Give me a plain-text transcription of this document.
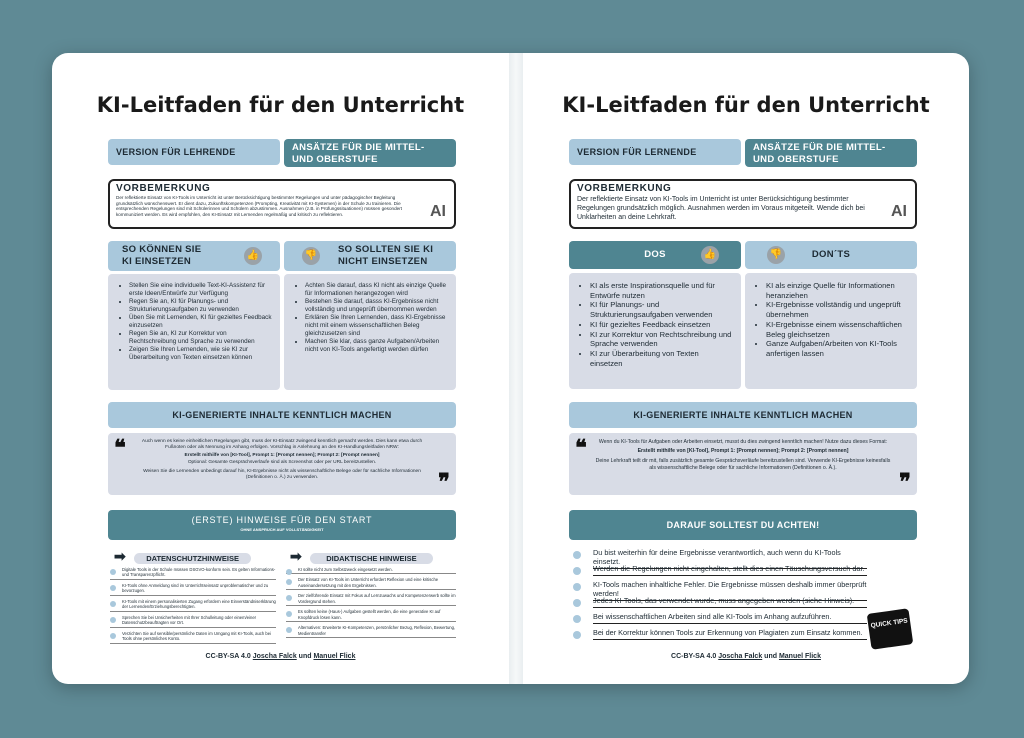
KI-Leitfaden für den Unterricht
VERSION FÜR LEHRENDE	ANSÄTZE FÜR DIE MITTEL- UND OBERSTUFE
VORBEMERKUNG

Der reflektierte Einsatz von KI-Tools im Unterricht ist unter Berücksichtigung bestimmter Regelungen und unter pädagogischer Begleitung grundsätzlich wünschenswert. Er dient dazu, Zukunftskompetenzen (Prompting, Kreativität mit KI-Systemen) in der Schule zu trainieren. Die entsprechenden Regelungen sind mit Schülerinnen und Schülern abzustimmen. Ausnahmen (z.B. in Prüfungssituationen) müssen gesondert kommuniziert werden. Es wird empfohlen, den KI-Einsatz mit Lernenden regelmäßig und kritisch zu reflektieren.	AI
SO KÖNNEN SIE KI EINSETZEN
👍	👎
SO SOLLTEN SIE KI NICHT EINSETZEN
• Stellen Sie eine individuelle Text-KI-Assistenz für erste Ideen/Entwürfe zur Verfügung
• Regen Sie an, KI für Planungs- und Strukturierungsaufgaben zu verwenden
• Üben Sie mit Lernenden, KI für gezieltes Feedback einzusetzen
• Regen Sie an, KI zur Korrektur von Rechtschreibung und Sprache zu verwenden
• Zeigen Sie Ihren Lernenden, wie sie KI zur Überarbeitung von Texten einsetzen können
• Achten Sie darauf, dass KI nicht als einzige Quelle für Informationen herangezogen wird
• Bestehen Sie darauf, dasss KI-Ergebnisse nicht vollständig und ungeprüft übernommen werden
• Erklären Sie Ihren Lernenden, dass KI-Ergebnisse nicht mit einem wissenschaftlichen Beleg gleichzusetzen sind
• Machen Sie klar, dass ganze Aufgaben/Arbeiten nicht von KI-Tools angefertigt werden dürfen
KI-GENERIERTE INHALTE KENNTLICH MACHEN
❝
❞

Auch wenn es keine einheitlichen Regelungen gibt, muss der KI-Einsatz zwingend kenntlich gemacht werden. Dies kann etwa durch Fußnoten oder als Nennung im Anhang erfolgen. Vorschlag in Anlehnung an den KI-Handlungsleitfaden NRW:

Erstellt mithilfe von [KI-Tool], Prompt 1: [Prompt nennen]; Prompt 2: [Prompt nennen]

Optional: Gesamte Gesprächsverläufe sind als Screenshot oder per URL bereitzustellen.

Weisen Sie die Lernenden unbedingt darauf hin, KI-Ergebnisse nicht als wissenschaftliche Belege oder für sachliche Informationen (Definitionen o. Ä.) zu verwenden.

(ERSTE) HINWEISE FÜR DEN START
OHNE ANSPRUCH AUF VOLLSTÄNDIGKEIT
➡	DATENSCHUTZHINWEISE	➡	DIDAKTISCHE HINWEISE
Digitale Tools in der Schule müssen DSGVO-konform sein. Es gelten Informations- und Transparenzpflicht.
KI-Tools ohne Anmeldung sind im Unterrichtseinsatz unproblematischer und zu bevorzugen.
KI-Tools mit einem personalisierten Zugang erfordern eine Einverständniserklärung der Lernenden/Erziehungsberechtigten.
Sprechen Sie bei Unsicherheiten mit Ihrer Schulleitung oder einem/einer Datenschutzbeauftragten vor Ort.
Verzichten Sie auf sensible/persönliche Daten im Umgang mit KI-Tools, auch bei Tools ohne persönliches Konto.
KI sollte nicht zum Selbstzweck eingesetzt werden.
Der Einsatz von KI-Tools im Unterricht erfordert Reflexion und eine kritische Auseinandersetzung mit den Ergebnissen.
Der zielführende Einsatz mit Fokus auf Lernzuwachs und Kompetenzerwerb sollte im Vordergrund stehen.
Es sollten keine (Haus-) Aufgaben gestellt werden, die eine generative KI auf Knopfdruck lösen kann.
Alternativen: Erweiterte KI-Kompetenzen, persönlicher Bezug, Reflexion, Bewertung, Medientransfer
CC-BY-SA 4.0 Joscha Falck und Manuel Flick
KI-Leitfaden für den Unterricht
VERSION FÜR LERNENDE	ANSÄTZE FÜR DIE MITTEL- UND OBERSTUFE
VORBEMERKUNG

Der reflektierte Einsatz von KI-Tools im Unterricht ist unter Berücksichtigung bestimmter Regelungen grundsätzlich möglich. Ausnahmen werden im Voraus mitgeteilt. Wende dich bei Unklarheiten an deine Lehrkraft.	AI
DOS	👍	👎	DON´TS
• KI als erste Inspirationsquelle und für Entwürfe nutzen
• KI für Planungs- und Strukturierungsaufgaben verwenden
• KI für gezieltes Feedback einsetzen
• KI zur Korrektur von Rechtschreibung und Sprache verwenden
• KI zur Überarbeitung von Texten einsetzen
• KI als einzige Quelle für Informationen heranziehen
• KI-Ergebnisse vollständig und ungeprüft übernehmen
• KI-Ergebnisse einem wissenschaftlichen Beleg gleichsetzen
• Ganze Aufgaben/Arbeiten von KI-Tools anfertigen lassen
KI-GENERIERTE INHALTE KENNTLICH MACHEN
❝
❞

Wenn du KI-Tools für Aufgaben oder Arbeiten einsetzt, musst du dies zwingend kenntlich machen! Nutze dazu dieses Format:

Erstellt mithilfe von [KI-Tool], Prompt 1: [Prompt nennen]; Prompt 2: [Prompt nennen]

Deine Lehrkraft teilt dir mit, falls zusätzlich gesamte Gesprächsverläufe bereitzustellen sind. Verwende KI-Ergebnisse keinesfalls als wissenschaftliche Belege oder für sachliche Informationen (Definitionen o. Ä.).

DARAUF SOLLTEST DU ACHTEN!
Du bist weiterhin für deine Ergebnisse verantwortlich, auch wenn du KI-Tools einsetzt.
Werden die Regelungen nicht eingehalten, stellt dies einen Täuschungsversuch dar.
KI-Tools machen inhaltliche Fehler. Die Ergebnisse müssen deshalb immer überprüft werden!
Jedes KI-Tools, das verwendet wurde, muss angegeben werden (siehe Hinweis).
Bei wissenschaftlichen Arbeiten sind alle KI-Tools im Anhang aufzuführen.
Bei der Korrektur können Tools zur Erkennung von Plagiaten zum Einsatz kommen.
QUICK TIPS
CC-BY-SA 4.0 Joscha Falck und Manuel Flick
